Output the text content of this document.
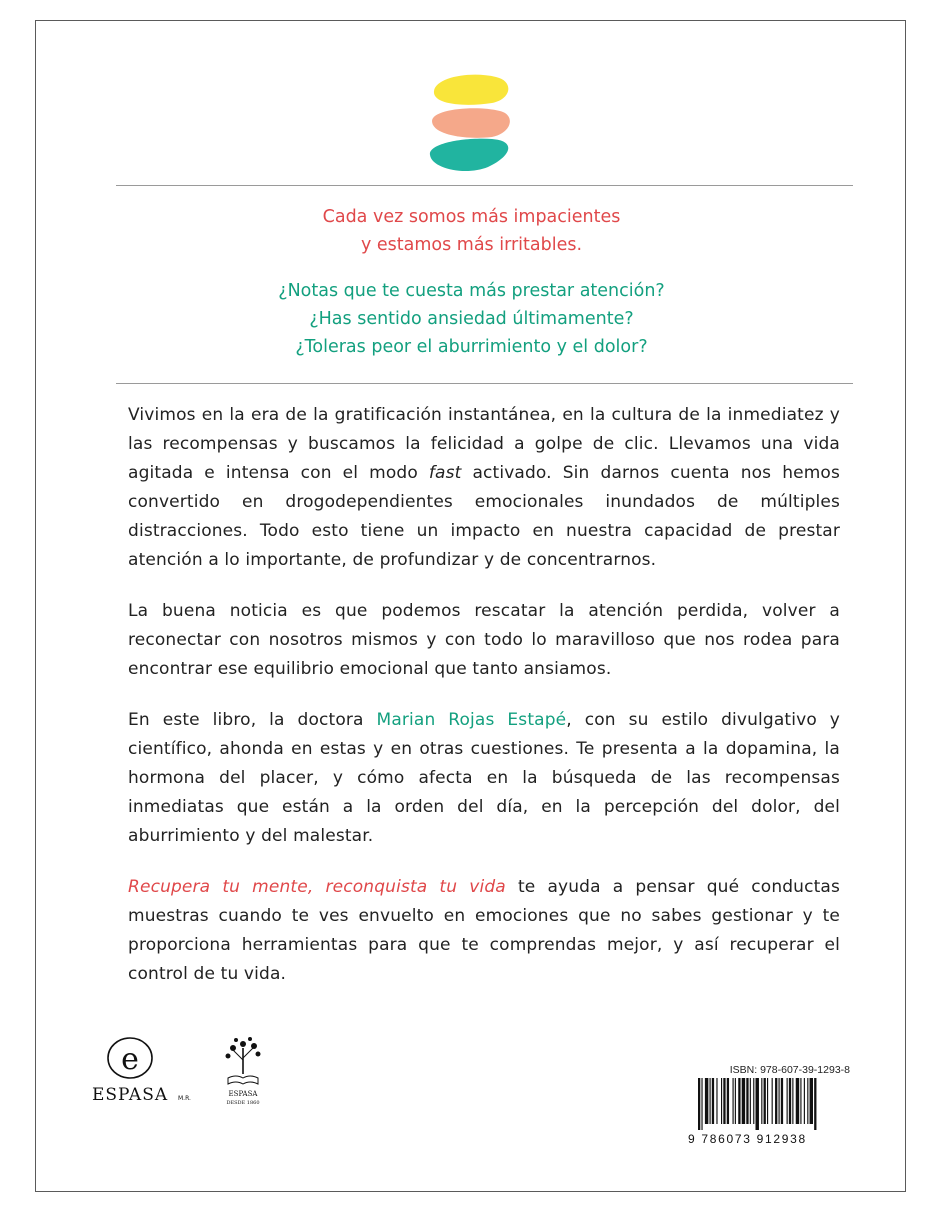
Cada vez somos más impacientes
y estamos más irritables.
¿Notas que te cuesta más prestar atención?
¿Has sentido ansiedad últimamente?
¿Toleras peor el aburrimiento y el dolor?

Vivimos en la era de la gratificación instantánea, en la cultura de la inmediatez y las recompensas y buscamos la felicidad a golpe de clic. Llevamos una vida agitada e intensa con el modo fast activado. Sin darnos cuenta nos hemos convertido en drogodependientes emocionales inundados de múltiples distracciones. Todo esto tiene un impacto en nuestra capacidad de prestar atención a lo importante, de profundizar y de concentrarnos.

La buena noticia es que podemos rescatar la atención perdida, volver a reconectar con nosotros mismos y con todo lo maravilloso que nos rodea para encontrar ese equilibrio emocional que tanto ansiamos.

En este libro, la doctora Marian Rojas Estapé, con su estilo divulgativo y científico, ahonda en estas y en otras cuestiones. Te presenta a la dopamina, la hormona del placer, y cómo afecta en la búsqueda de las recompensas inmediatas que están a la orden del día, en la percepción del dolor, del aburrimiento y del malestar.

Recupera tu mente, reconquista tu vida te ayuda a pensar qué conductas muestras cuando te ves envuelto en emociones que no sabes gestionar y te proporciona herramientas para que te comprendas mejor, y así recuperar el control de tu vida.

e
ESPASA M.R.
ESPASA
DESDE 1860

ISBN: 978-607-39-1293-8

9 786073 912938
